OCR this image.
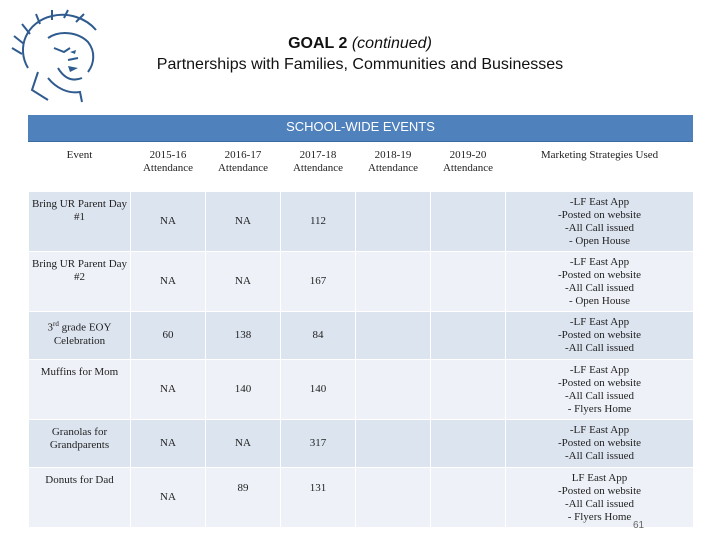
GOAL 2 (continued)
Partnerships with Families, Communities and Businesses
SCHOOL-WIDE EVENTS
Event	2015-16 Attendance	2016-17 Attendance	2017-18 Attendance	2018-19 Attendance	2019-20 Attendance	Marketing Strategies Used
Bring UR Parent Day #1	NA	NA	112			-LF East App
-Posted on website
-All Call issued
- Open House

Bring UR Parent Day #2	NA	NA	167			-LF East App
-Posted on website
-All Call issued
- Open House

3rd grade EOY Celebration	60	138	84			-LF East App
-Posted on website
-All Call issued

Muffins for Mom	NA	140	140			-LF East App
-Posted on website
-All Call issued
- Flyers Home

Granolas for Grandparents	NA	NA	317			-LF East App
-Posted on website
-All Call issued

Donuts for Dad	NA	89	131			LF East App
-Posted on website
-All Call issued
- Flyers Home
61
